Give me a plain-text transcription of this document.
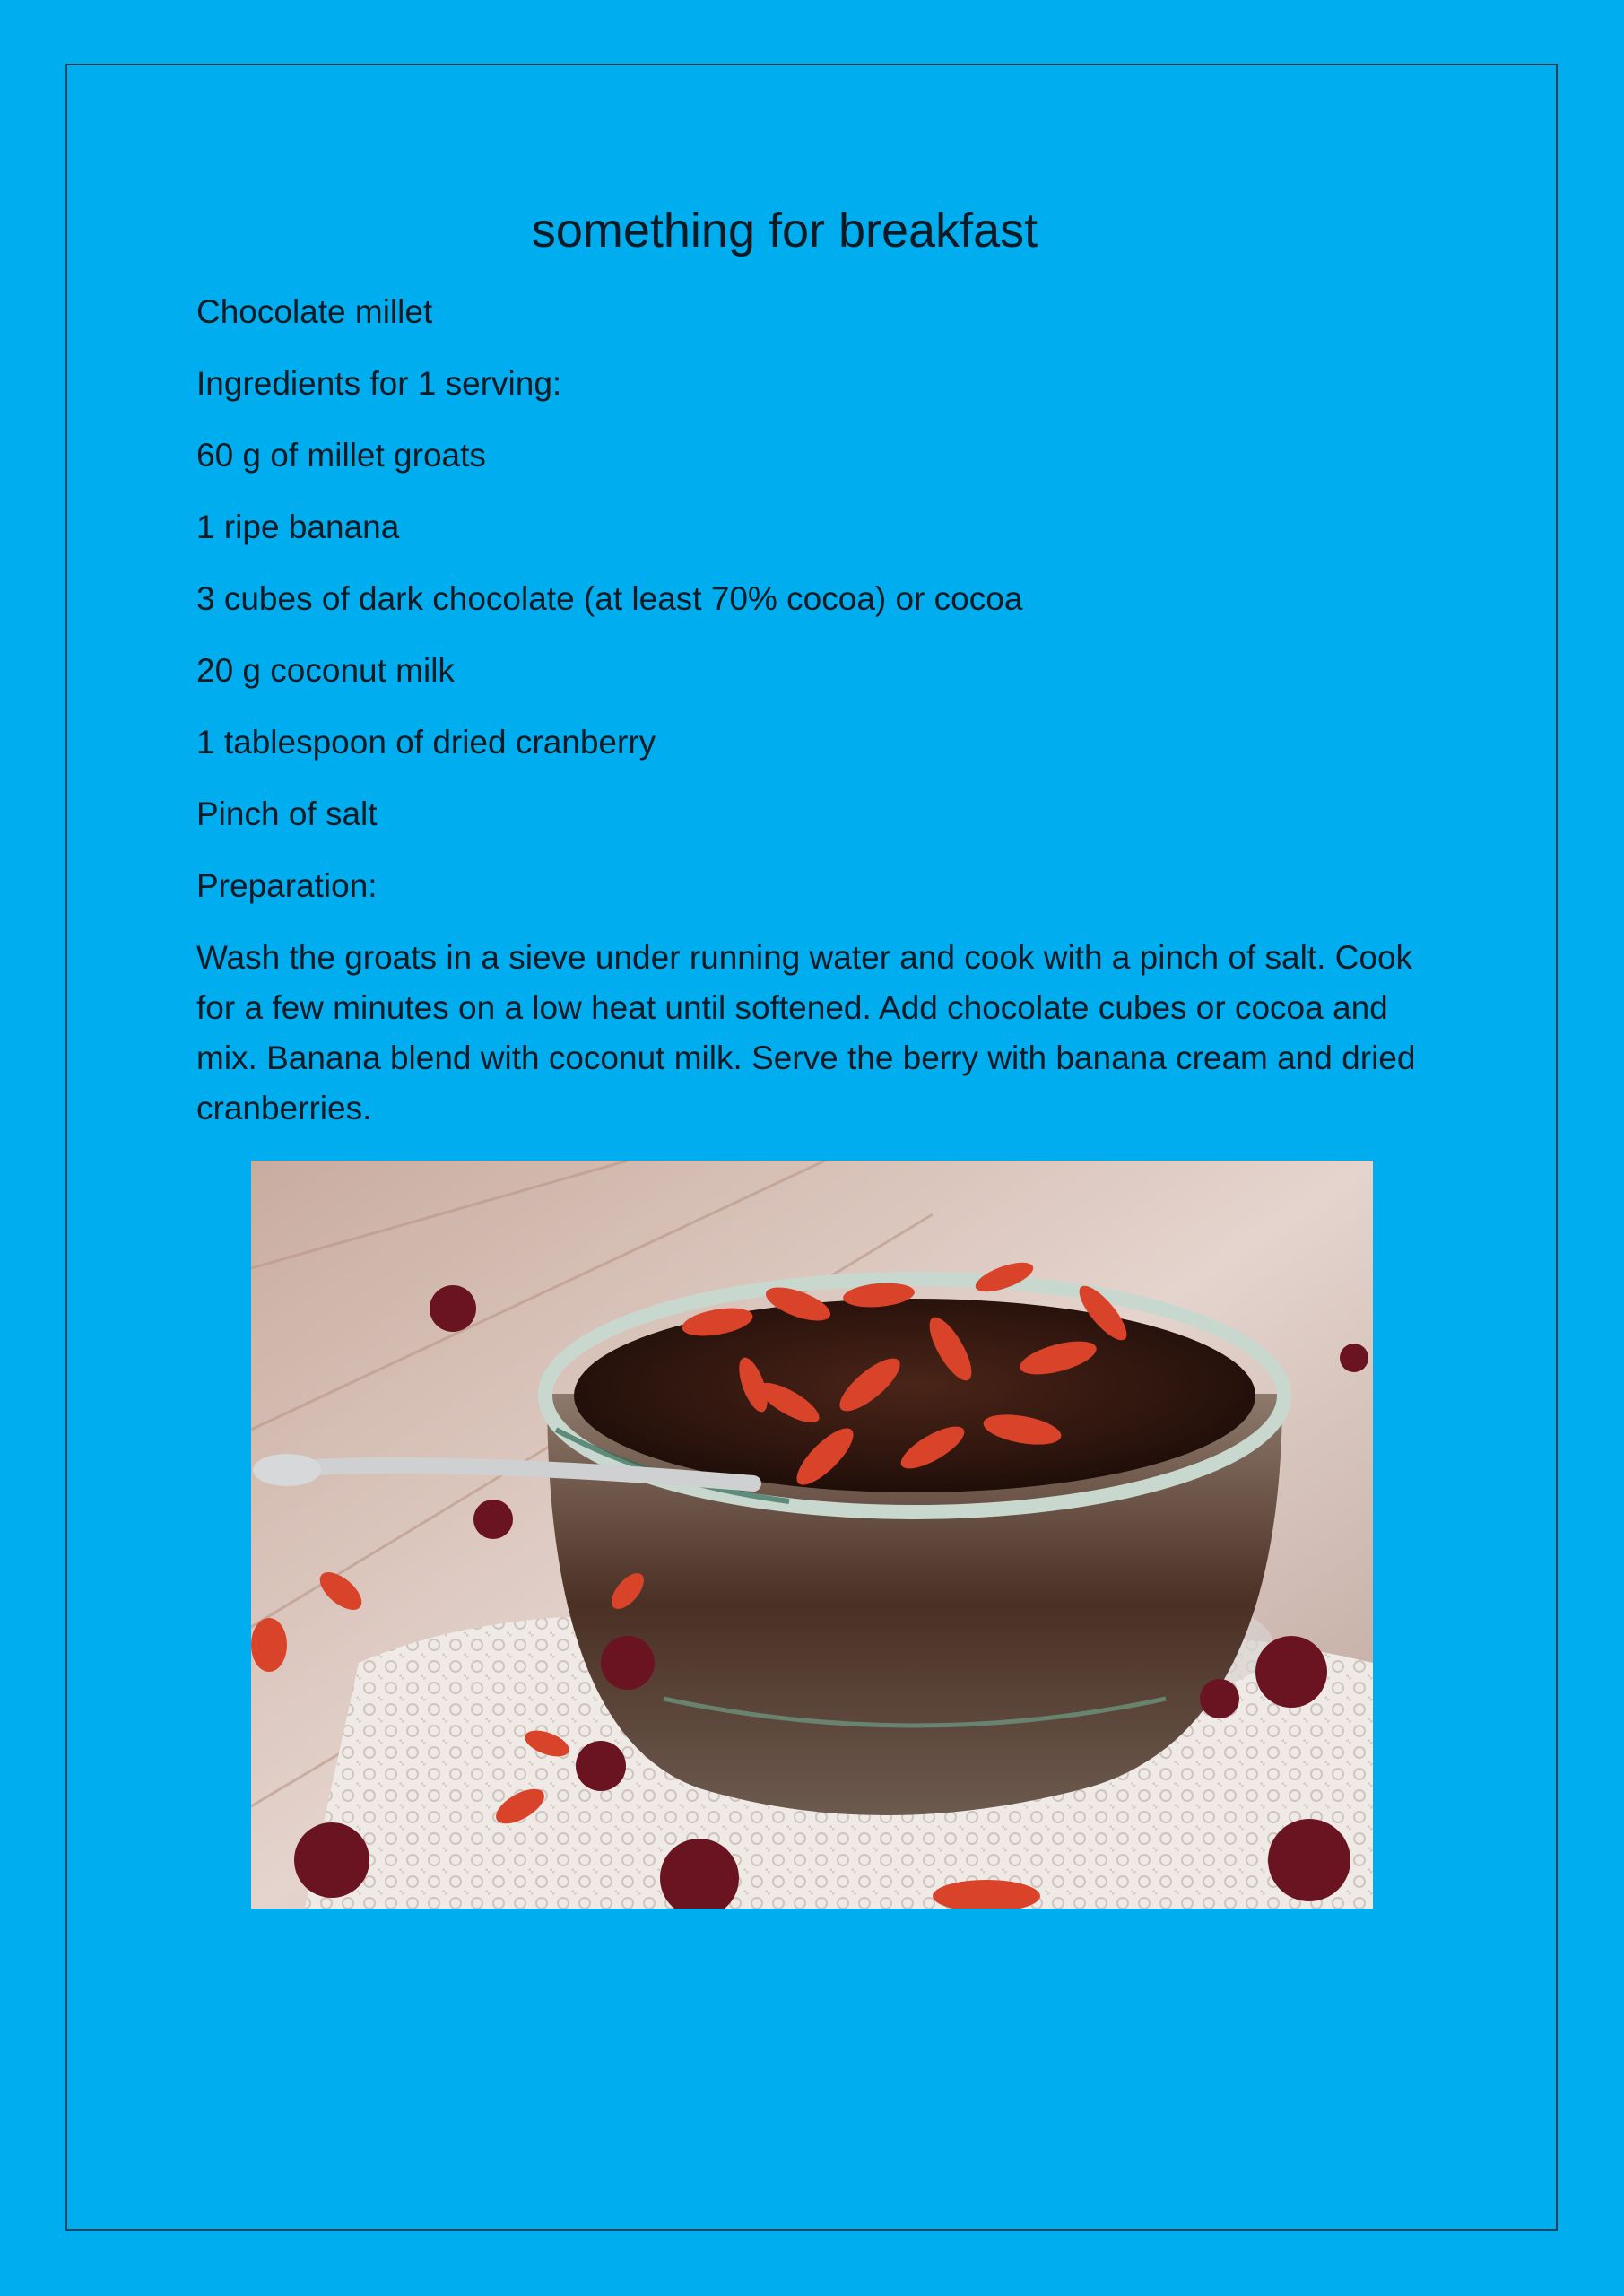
something for breakfast

Chocolate millet

Ingredients for 1 serving:

60 g of millet groats

1 ripe banana

3 cubes of dark chocolate (at least 70% cocoa) or cocoa

20 g coconut milk

1 tablespoon of dried cranberry

Pinch of salt

Preparation:

Wash the groats in a sieve under running water and cook with a pinch of salt. Cook for a few minutes on a low heat until softened. Add chocolate cubes or cocoa and mix. Banana blend with coconut milk. Serve the berry with banana cream and dried cranberries.
